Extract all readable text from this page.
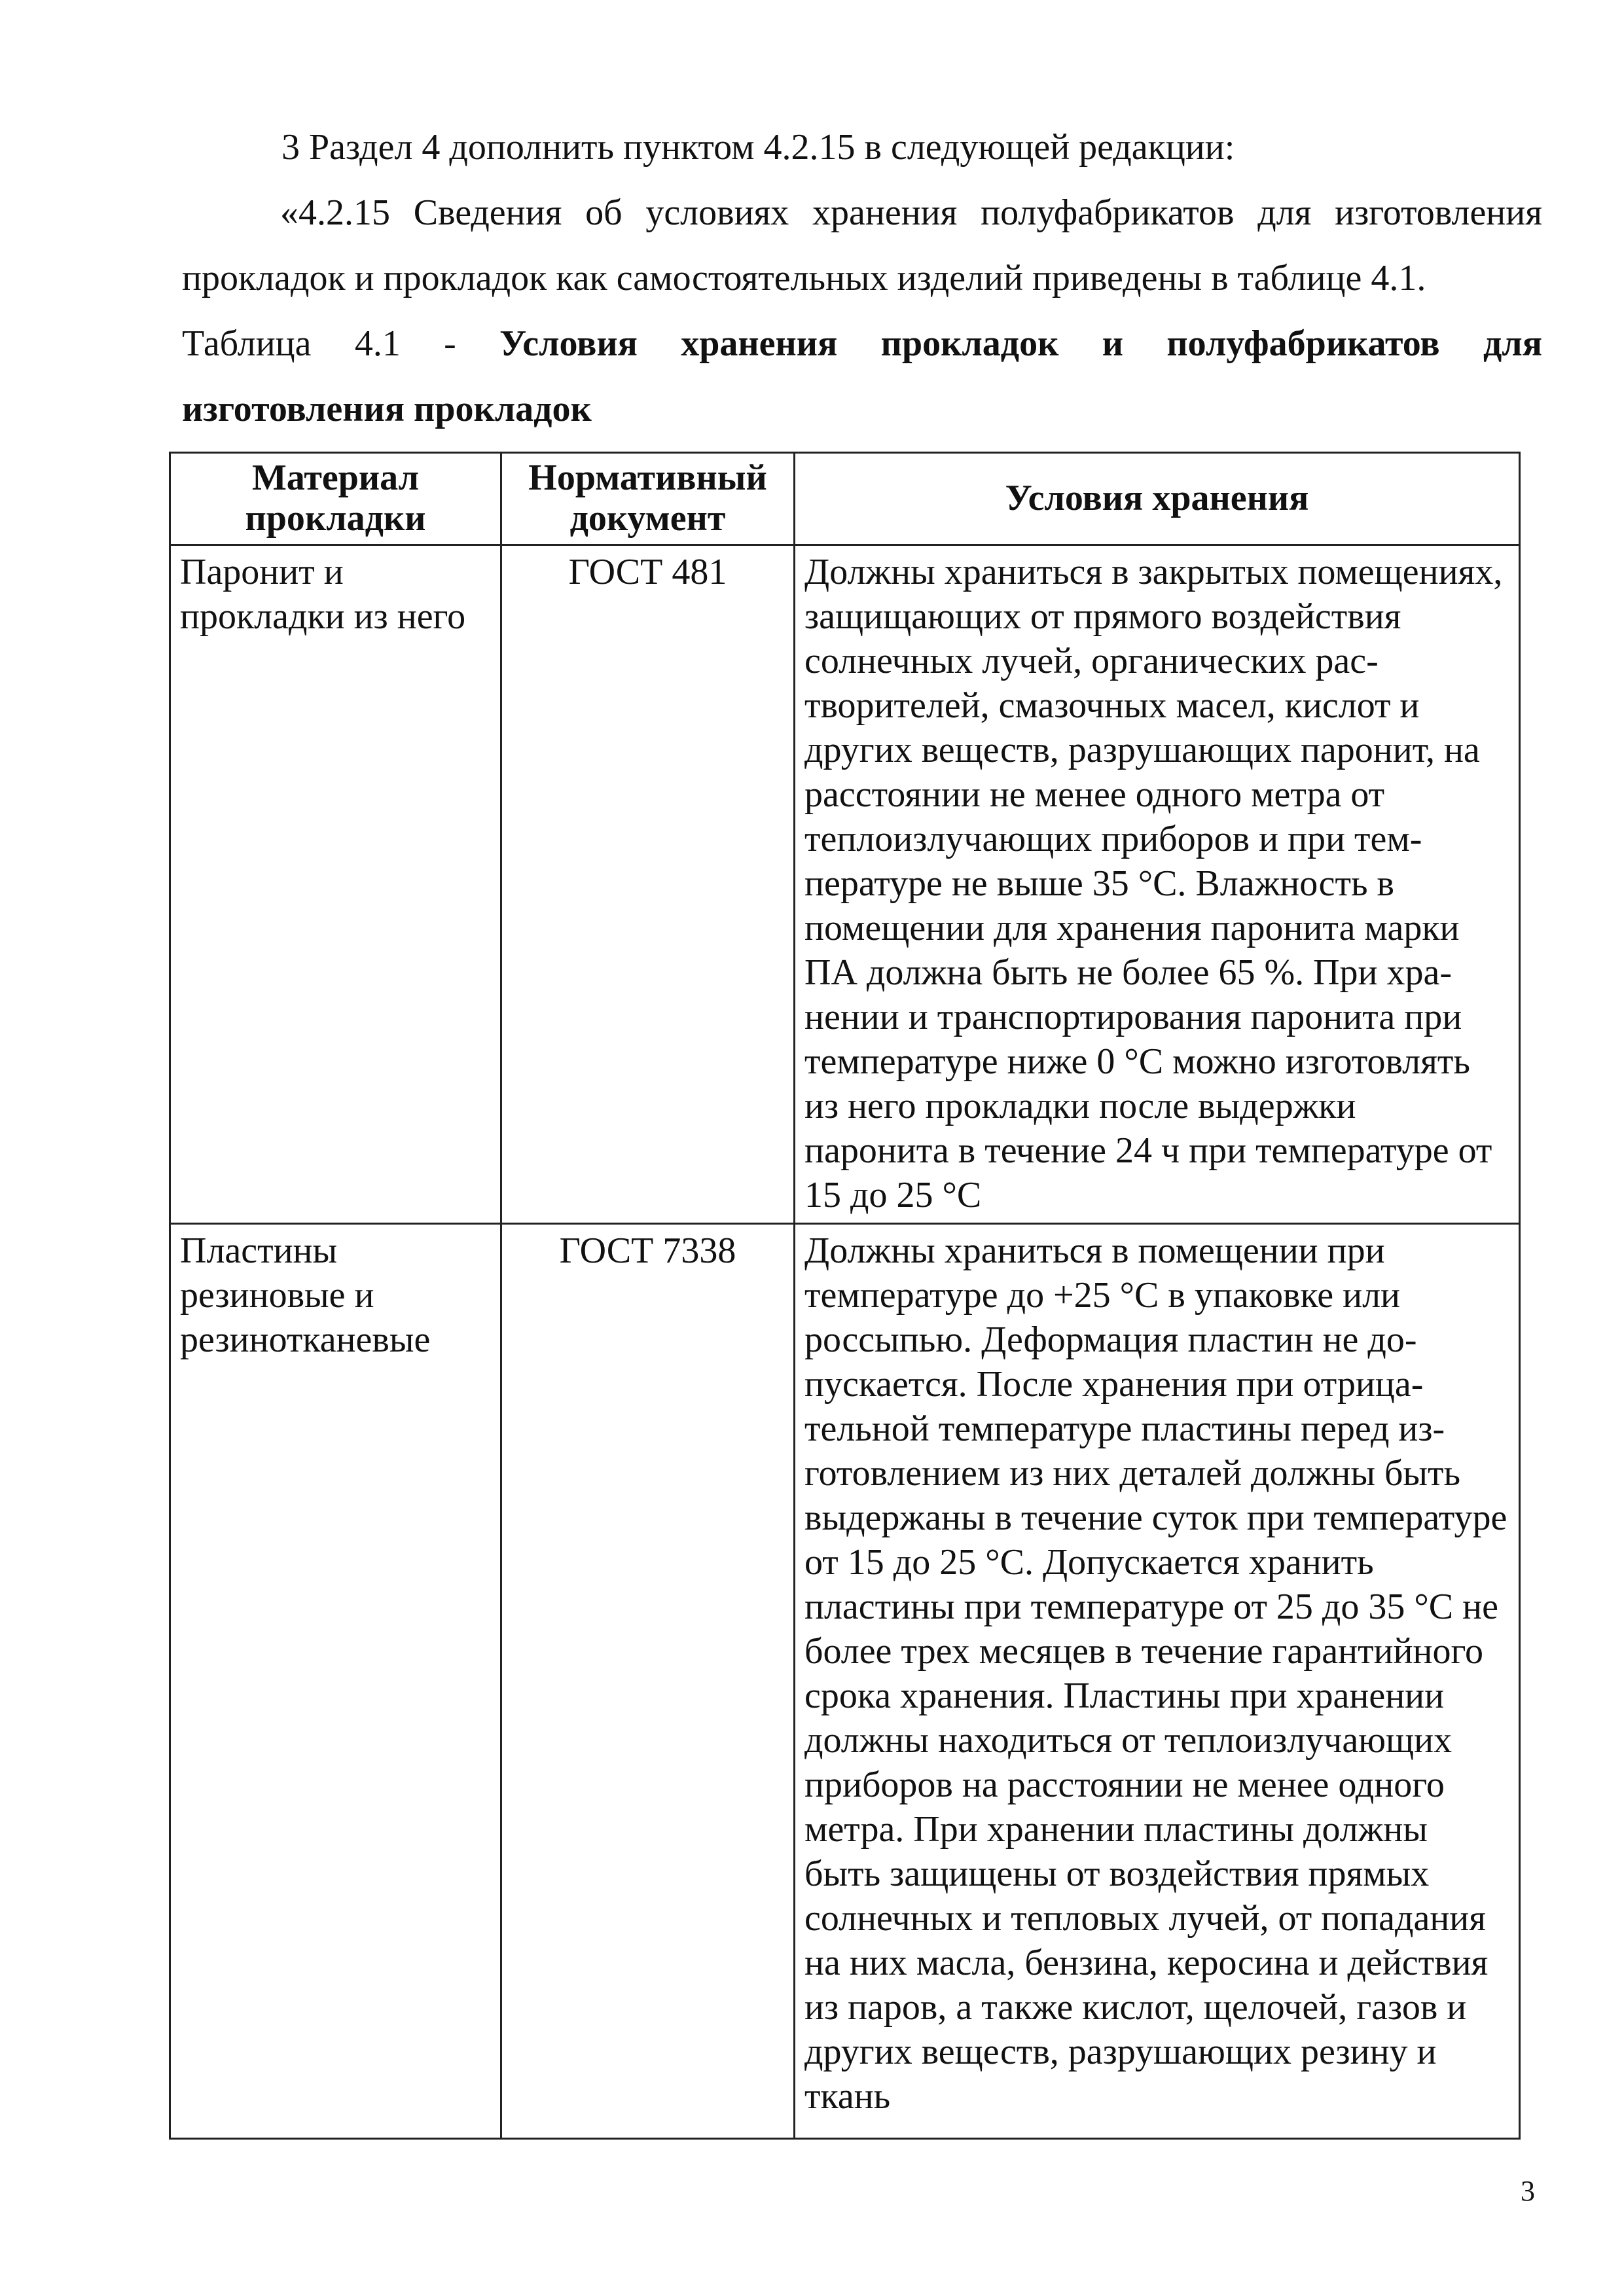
3 Раздел 4 дополнить пунктом 4.2.15 в следующей редакции:

«4.2.15 Сведения об условиях хранения полуфабрикатов для изготовления прокладок и прокладок как самостоятельных изделий приведены в таблице 4.1.

Таблица 4.1 - Условия хранения прокладок и полуфабрикатов для

изготовления прокладок

Материал прокладки	Нормативный документ	Условия хранения
Паронит и прокладки из него	ГОСТ 481	Должны храниться в закрытых помещениях, защищающих от прямого воздействия солнечных лучей, органических растворителей, смазочных масел, кислот и других веществ, разрушающих паронит, на расстоянии не менее одного метра от теплоизлучающих приборов и при температуре не выше 35 °С. Влажность в помещении для хранения паронита марки ПА должна быть не более 65 %. При хранении и транспортирования паронита при температуре ниже 0 °С можно изготовлять из него прокладки после выдержки паронита в течение 24 ч при температуре от 15 до 25 °С
Пластины резиновые и резинотканевые	ГОСТ 7338	Должны храниться в помещении при температуре до +25 °С в упаковке или россыпью. Деформация пластин не допускается. После хранения при отрицательной температуре пластины перед изготовлением из них деталей должны быть выдержаны в течение суток при температуре от 15 до 25 °С. Допускается хранить пластины при температуре от 25 до 35 °С не более трех месяцев в течение гарантийного срока хранения. Пластины при хранении должны находиться от теплоизлучающих приборов на расстоянии не менее одного метра. При хранении пластины должны быть защищены от воздействия прямых солнечных и тепловых лучей, от попадания на них масла, бензина, керосина и действия из паров, а также кислот, щелочей, газов и других веществ, разрушающих резину и ткань
3
